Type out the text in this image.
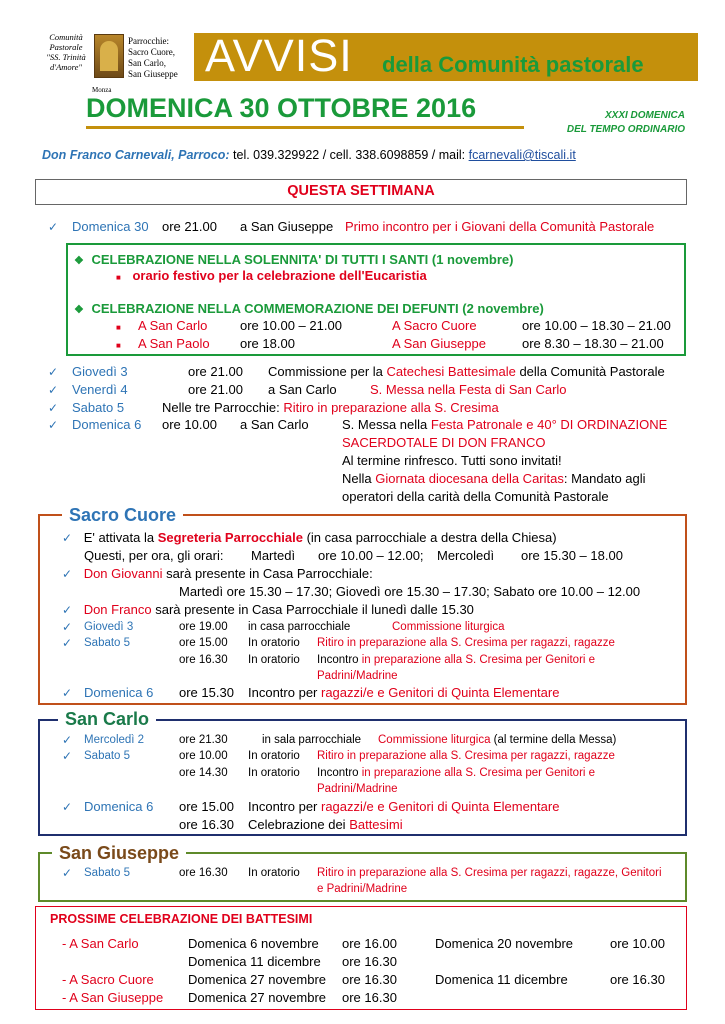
Comunità
Pastorale
"SS. Trinità
d'Amore"
Parrocchie:
Sacro Cuore,
San Carlo,
San Giuseppe
Monza
AVVISI della Comunità pastorale
DOMENICA 30 OTTOBRE 2016	XXXI DOMENICA
DEL TEMPO ORDINARIO
Don Franco Carnevali, Parroco: tel. 039.329922 / cell. 338.6098859 / mail: fcarnevali@tiscali.it
QUESTA SETTIMANA
✓ Domenica 30 ore 21.00 a San Giuseppe Primo incontro per i Giovani della Comunità Pastorale
❖ CELEBRAZIONE NELLA SOLENNITA' DI TUTTI I SANTI (1 novembre)
■ orario festivo per la celebrazione dell'Eucaristia
❖ CELEBRAZIONE NELLA COMMEMORAZIONE DEI DEFUNTI (2 novembre)
■ A San Carlo	ore 10.00 – 21.00	A Sacro Cuore	ore 10.00 – 18.30 – 21.00
■ A San Paolo ore 18.00	A San Giuseppe	ore 8.30 – 18.30 – 21.00
✓ Giovedì 3	ore 21.00 Commissione per la Catechesi Battesimale della Comunità Pastorale
✓ Venerdì 4	ore 21.00 a San Carlo	S. Messa nella Festa di San Carlo
✓ Sabato 5	Nelle tre Parrocchie: Ritiro in preparazione alla S. Cresima
✓ Domenica 6 ore 10.00 a San Carlo	S. Messa nella Festa Patronale e 40° DI ORDINAZIONE
SACERDOTALE DI DON FRANCO
Al termine rinfresco. Tutti sono invitati!
Nella Giornata diocesana della Caritas: Mandato agli
operatori della carità della Comunità Pastorale
Sacro Cuore
✓ E' attivata la Segreteria Parrocchiale (in casa parrocchiale a destra della Chiesa)
Questi, per ora, gli orari: Martedì ore 10.00 – 12.00; Mercoledì ore 15.30 – 18.00
✓ Don Giovanni sarà presente in Casa Parrocchiale:
Martedì ore 15.30 – 17.30; Giovedì ore 15.30 – 17.30; Sabato ore 10.00 – 12.00
✓ Don Franco sarà presente in Casa Parrocchiale il lunedì dalle 15.30
✓ Giovedì 3	ore 19.00 in casa parrocchiale	Commissione liturgica
✓ Sabato 5	ore 15.00 In oratorio Ritiro in preparazione alla S. Cresima per ragazzi, ragazze
ore 16.30 In oratorio Incontro in preparazione alla S. Cresima per Genitori e
Padrini/Madrine
✓ Domenica 6 ore 15.30 Incontro per ragazzi/e e Genitori di Quinta Elementare
San Carlo
✓ Mercoledì 2	ore 21.30	in sala parrocchiale Commissione liturgica (al termine della Messa)
✓ Sabato 5	ore 10.00 In oratorio Ritiro in preparazione alla S. Cresima per ragazzi, ragazze
ore 14.30 In oratorio Incontro in preparazione alla S. Cresima per Genitori e
Padrini/Madrine
✓ Domenica 6 ore 15.00 Incontro per ragazzi/e e Genitori di Quinta Elementare
ore 16.30 Celebrazione dei Battesimi
San Giuseppe
✓ Sabato 5	ore 16.30 In oratorio Ritiro in preparazione alla S. Cresima per ragazzi, ragazze, Genitori
e Padrini/Madrine
PROSSIME CELEBRAZIONE DEI BATTESIMI
- A San Carlo	Domenica 6 novembre ore 16.00	Domenica 20 novembre	ore 10.00
Domenica 11 dicembre ore 16.30
- A Sacro Cuore	Domenica 27 novembre ore 16.30	Domenica 11 dicembre	ore 16.30
- A San Giuseppe Domenica 27 novembre ore 16.30
